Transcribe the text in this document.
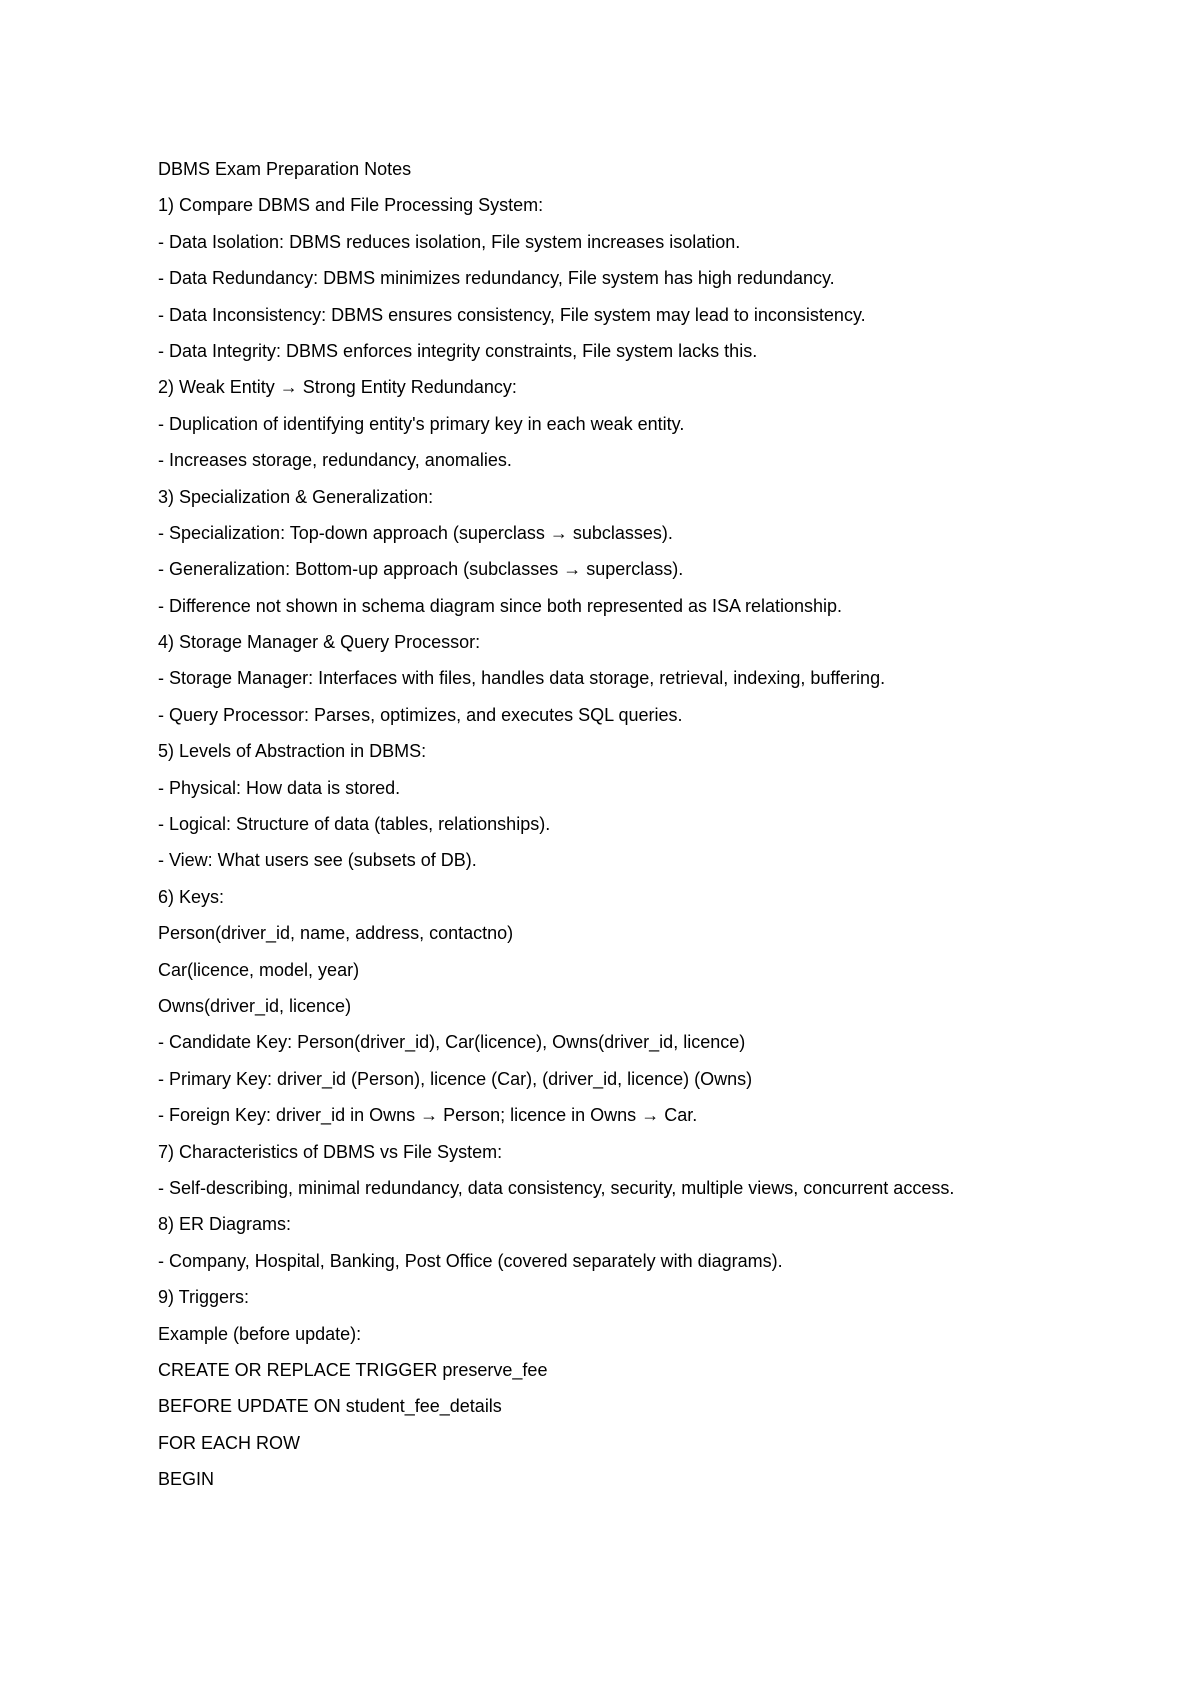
DBMS Exam Preparation Notes
1) Compare DBMS and File Processing System:
- Data Isolation: DBMS reduces isolation, File system increases isolation.
- Data Redundancy: DBMS minimizes redundancy, File system has high redundancy.
- Data Inconsistency: DBMS ensures consistency, File system may lead to inconsistency.
- Data Integrity: DBMS enforces integrity constraints, File system lacks this.
2) Weak Entity → Strong Entity Redundancy:
- Duplication of identifying entity's primary key in each weak entity.
- Increases storage, redundancy, anomalies.
3) Specialization & Generalization:
- Specialization: Top-down approach (superclass → subclasses).
- Generalization: Bottom-up approach (subclasses → superclass).
- Difference not shown in schema diagram since both represented as ISA relationship.
4) Storage Manager & Query Processor:
- Storage Manager: Interfaces with files, handles data storage, retrieval, indexing, buffering.
- Query Processor: Parses, optimizes, and executes SQL queries.
5) Levels of Abstraction in DBMS:
- Physical: How data is stored.
- Logical: Structure of data (tables, relationships).
- View: What users see (subsets of DB).
6) Keys:
Person(driver_id, name, address, contactno)
Car(licence, model, year)
Owns(driver_id, licence)
- Candidate Key: Person(driver_id), Car(licence), Owns(driver_id, licence)
- Primary Key: driver_id (Person), licence (Car), (driver_id, licence) (Owns)
- Foreign Key: driver_id in Owns → Person; licence in Owns → Car.
7) Characteristics of DBMS vs File System:
- Self-describing, minimal redundancy, data consistency, security, multiple views, concurrent access.
8) ER Diagrams:
- Company, Hospital, Banking, Post Office (covered separately with diagrams).
9) Triggers:
Example (before update):
CREATE OR REPLACE TRIGGER preserve_fee
BEFORE UPDATE ON student_fee_details
FOR EACH ROW
BEGIN
